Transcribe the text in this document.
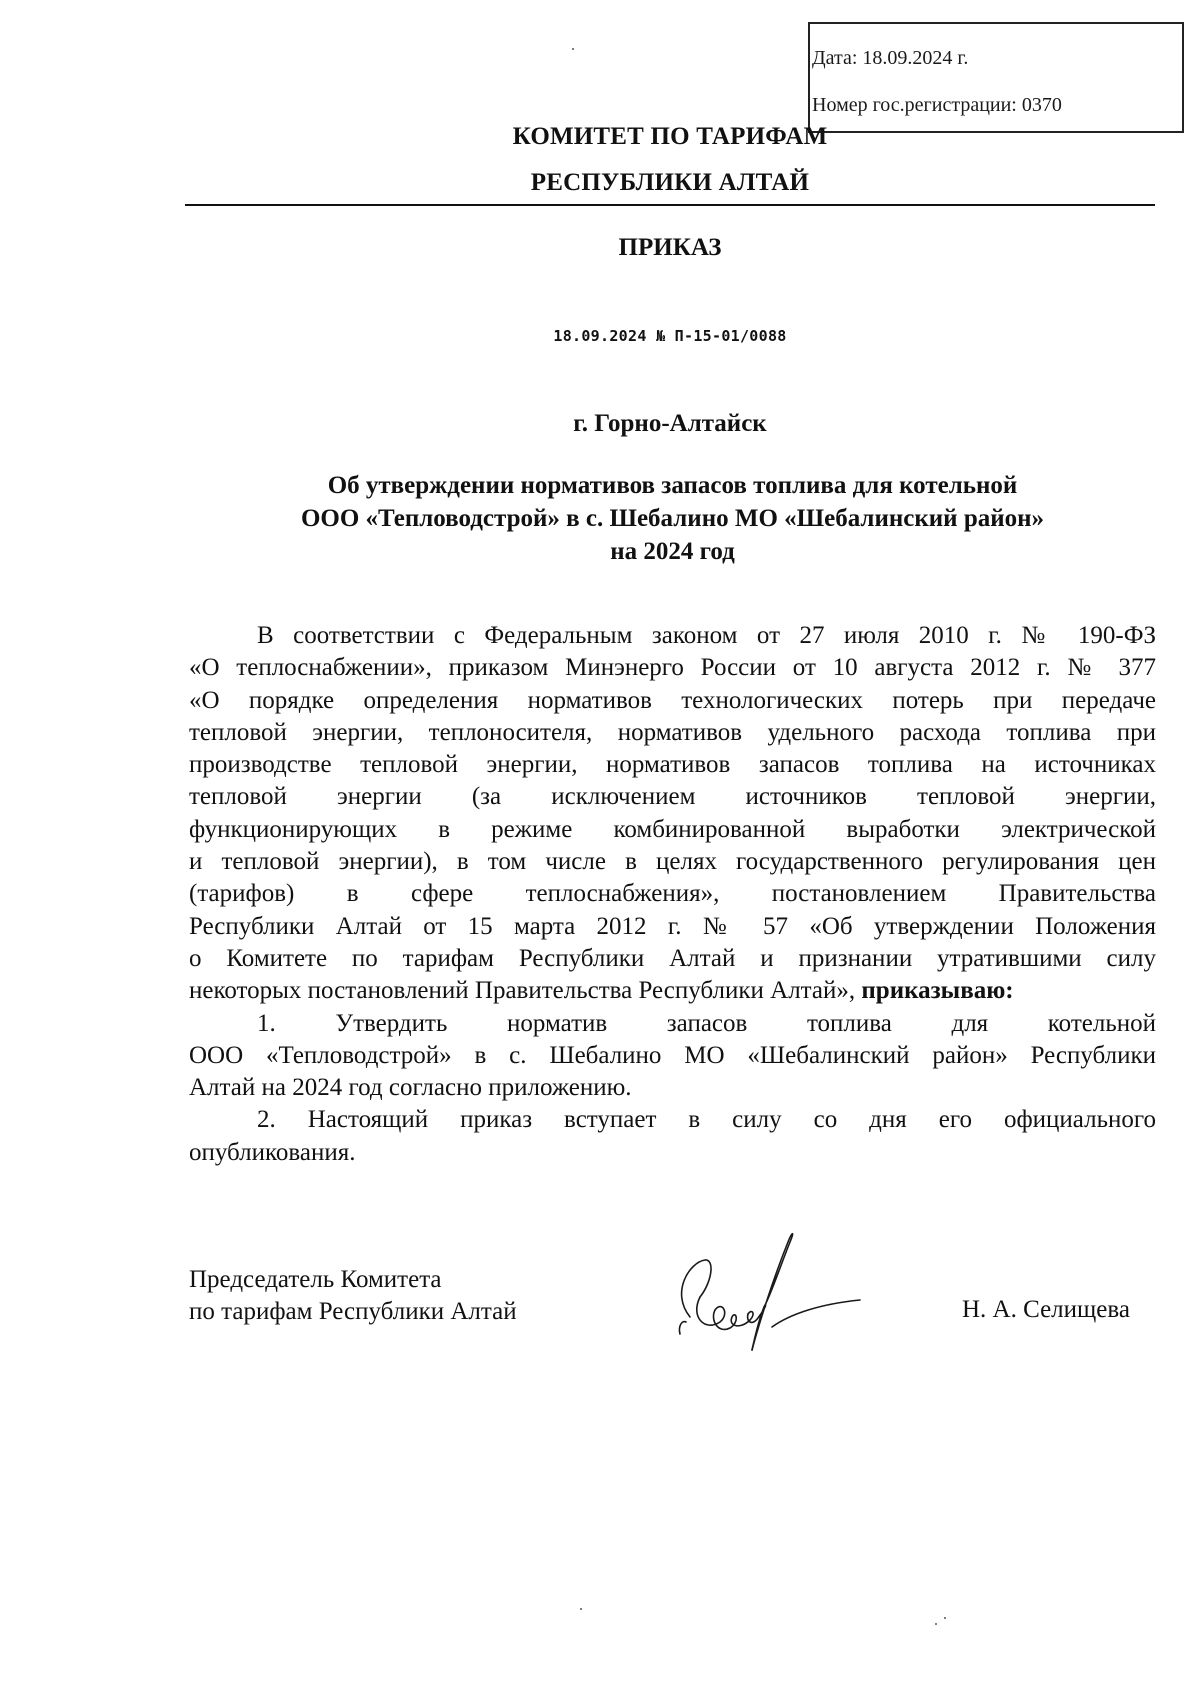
Дата: 18.09.2024 г.
Номер гос.регистрации: 0370
КОМИТЕТ ПО ТАРИФАМ
РЕСПУБЛИКИ АЛТАЙ
ПРИКАЗ
18.09.2024 № П-15-01/0088
г. Горно-Алтайск
Об утверждении нормативов запасов топлива для котельной
ООО «Тепловодстрой» в с. Шебалино МО «Шебалинский район»
на 2024 год
В соответствии с Федеральным законом от 27 июля 2010 г. № 190-ФЗ
«О теплоснабжении», приказом Минэнерго России от 10 августа 2012 г. № 377
«О порядке определения нормативов технологических потерь при передаче
тепловой энергии, теплоносителя, нормативов удельного расхода топлива при
производстве тепловой энергии, нормативов запасов топлива на источниках
тепловой энергии (за исключением источников тепловой энергии,
функционирующих в режиме комбинированной выработки электрической
и тепловой энергии), в том числе в целях государственного регулирования цен
(тарифов) в сфере теплоснабжения», постановлением Правительства
Республики Алтай от 15 марта 2012 г. № 57 «Об утверждении Положения
о Комитете по тарифам Республики Алтай и признании утратившими силу
некоторых постановлений Правительства Республики Алтай», приказываю:
1. Утвердить норматив запасов топлива для котельной
ООО «Тепловодстрой» в с. Шебалино МО «Шебалинский район» Республики
Алтай на 2024 год согласно приложению.
2. Настоящий приказ вступает в силу со дня его официального
опубликования.
Председатель Комитета
по тарифам Республики Алтай	Н. А. Селищева
